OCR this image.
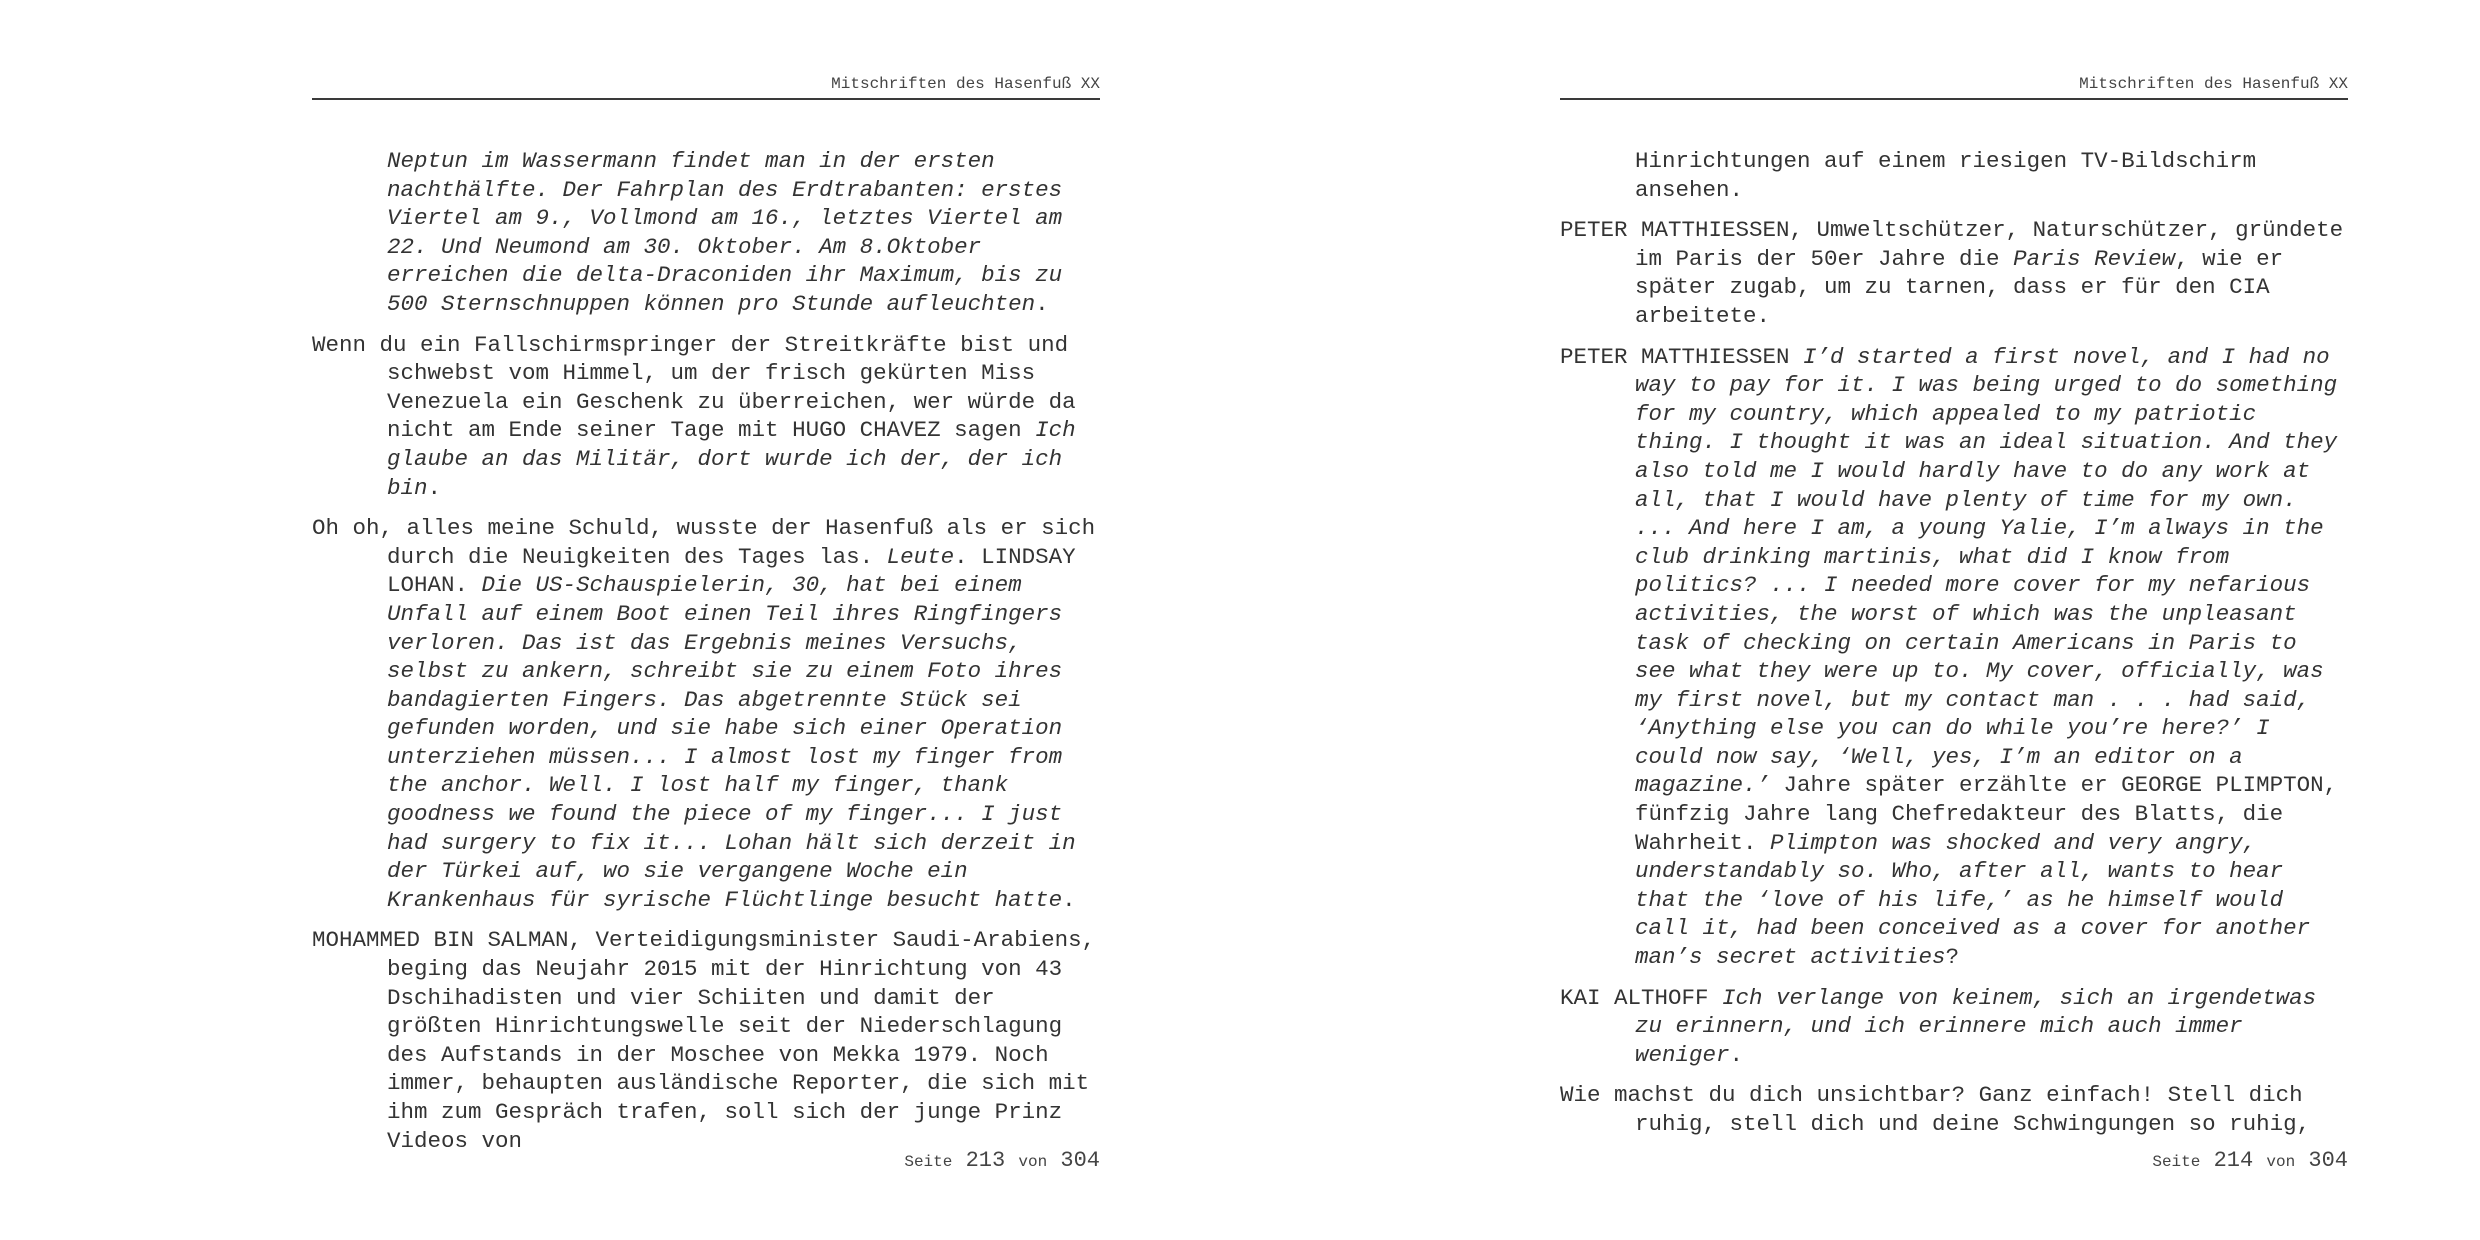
Mitschriften des Hasenfuß XX

Neptun im Wassermann findet man in der ersten nachthälfte. Der Fahrplan des Erdtrabanten: erstes Viertel am 9., Vollmond am 16., letztes Viertel am 22. Und Neumond am 30. Oktober. Am 8.Oktober erreichen die delta-Draconiden ihr Maximum, bis zu 500 Sternschnuppen können pro Stunde aufleuchten.

Wenn du ein Fallschirmspringer der Streitkräfte bist und schwebst vom Himmel, um der frisch gekürten Miss Venezuela ein Geschenk zu überreichen, wer würde da nicht am Ende seiner Tage mit HUGO CHAVEZ sagen Ich glaube an das Militär, dort wurde ich der, der ich bin.

Oh oh, alles meine Schuld, wusste der Hasenfuß als er sich durch die Neuigkeiten des Tages las. Leute. LINDSAY LOHAN. Die US-Schauspielerin, 30, hat bei einem Unfall auf einem Boot einen Teil ihres Ringfingers verloren. Das ist das Ergebnis meines Versuchs, selbst zu ankern, schreibt sie zu einem Foto ihres bandagierten Fingers. Das abgetrennte Stück sei gefunden worden, und sie habe sich einer Operation unterziehen müssen... I almost lost my finger from the anchor. Well. I lost half my finger, thank goodness we found the piece of my finger... I just had surgery to fix it... Lohan hält sich derzeit in der Türkei auf, wo sie vergangene Woche ein Krankenhaus für syrische Flüchtlinge besucht hatte.

MOHAMMED BIN SALMAN, Verteidigungsminister Saudi-Arabiens, beging das Neujahr 2015 mit der Hinrichtung von 43 Dschihadisten und vier Schiiten und damit der größten Hinrichtungswelle seit der Niederschlagung des Aufstands in der Moschee von Mekka 1979. Noch immer, behaupten ausländische Reporter, die sich mit ihm zum Gespräch trafen, soll sich der junge Prinz Videos von

Seite 213 von 304
Mitschriften des Hasenfuß XX

Hinrichtungen auf einem riesigen TV-Bildschirm ansehen.

PETER MATTHIESSEN, Umweltschützer, Naturschützer, gründete im Paris der 50er Jahre die Paris Review, wie er später zugab, um zu tarnen, dass er für den CIA arbeitete.

PETER MATTHIESSEN I’d started a first novel, and I had no way to pay for it. I was being urged to do something for my country, which appealed to my patriotic thing. I thought it was an ideal situation. And they also told me I would hardly have to do any work at all, that I would have plenty of time for my own. ... And here I am, a young Yalie, I’m always in the club drinking martinis, what did I know from politics? ... I needed more cover for my nefarious activities, the worst of which was the unpleasant task of checking on certain Americans in Paris to see what they were up to. My cover, officially, was my first novel, but my contact man . . . had said, ‘Anything else you can do while you’re here?’ I could now say, ‘Well, yes, I’m an editor on a magazine.’ Jahre später erzählte er GEORGE PLIMPTON, fünfzig Jahre lang Chefredakteur des Blatts, die Wahrheit. Plimpton was shocked and very angry, understandably so. Who, after all, wants to hear that the ‘love of his life,’ as he himself would call it, had been conceived as a cover for another man’s secret activities?

KAI ALTHOFF Ich verlange von keinem, sich an irgendetwas zu erinnern, und ich erinnere mich auch immer weniger.

Wie machst du dich unsichtbar? Ganz einfach! Stell dich ruhig, stell dich und deine Schwingungen so ruhig,

Seite 214 von 304
